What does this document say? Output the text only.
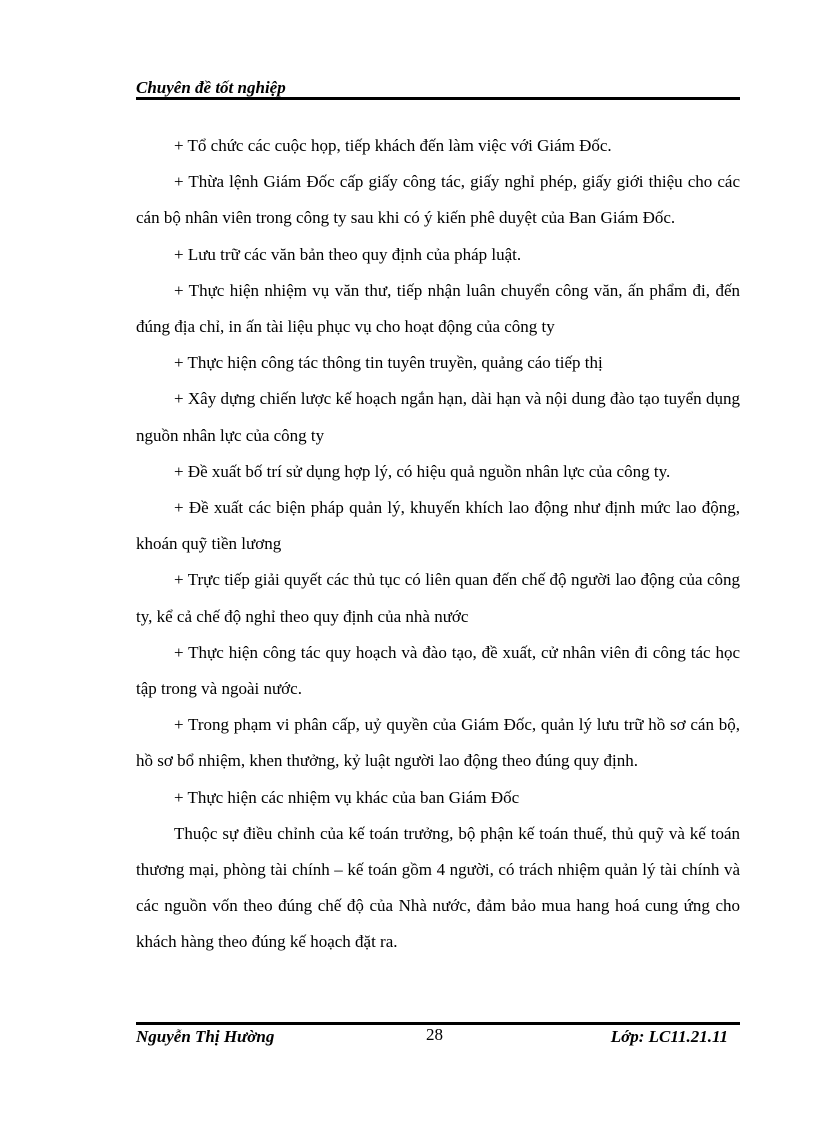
Chuyên đề tốt nghiệp

+ Tổ chức các cuộc họp, tiếp khách đến làm việc với Giám Đốc.

+ Thừa lệnh Giám Đốc cấp giấy công tác, giấy nghỉ phép, giấy giới thiệu cho các cán bộ nhân viên trong công ty sau khi có ý kiến phê duyệt của Ban Giám Đốc.

+ Lưu trữ các văn bản theo quy định của pháp luật.

+ Thực hiện nhiệm vụ văn thư, tiếp nhận luân chuyển công văn, ấn phẩm đi, đến đúng địa chỉ, in ấn tài liệu phục vụ cho hoạt động của công ty

+ Thực hiện công tác thông tin tuyên truyền, quảng cáo tiếp thị

+ Xây dựng chiến lược kế hoạch ngắn hạn, dài hạn và nội dung đào tạo tuyển dụng nguồn nhân lực của công ty

+ Đề xuất bố trí sử dụng hợp lý, có hiệu quả nguồn nhân lực của công ty.

+ Đề xuất các biện pháp quản lý, khuyến khích lao động như định mức lao động, khoán quỹ tiền lương

+ Trực tiếp giải quyết các thủ tục có liên quan đến chế độ người lao động của công ty, kể cả chế độ nghỉ theo quy định của nhà nước

+ Thực hiện công tác quy hoạch và đào tạo, đề xuất, cử nhân viên đi công tác học tập trong và ngoài nước.

+ Trong phạm vi phân cấp, uỷ quyền của Giám Đốc, quản lý lưu trữ hồ sơ cán bộ, hồ sơ bổ nhiệm, khen thưởng, kỷ luật người lao động theo đúng quy định.

+ Thực hiện các nhiệm vụ khác của ban Giám Đốc

Thuộc sự điều chỉnh của kế toán trưởng, bộ phận kế toán thuế, thủ quỹ và kế toán thương mại, phòng tài chính – kế toán gồm 4 người, có trách nhiệm quản lý tài chính và các nguồn vốn theo đúng chế độ của Nhà nước, đảm bảo mua hang hoá cung ứng cho khách hàng theo đúng kế hoạch đặt ra.

Nguyễn Thị Hường	28	Lớp: LC11.21.11
